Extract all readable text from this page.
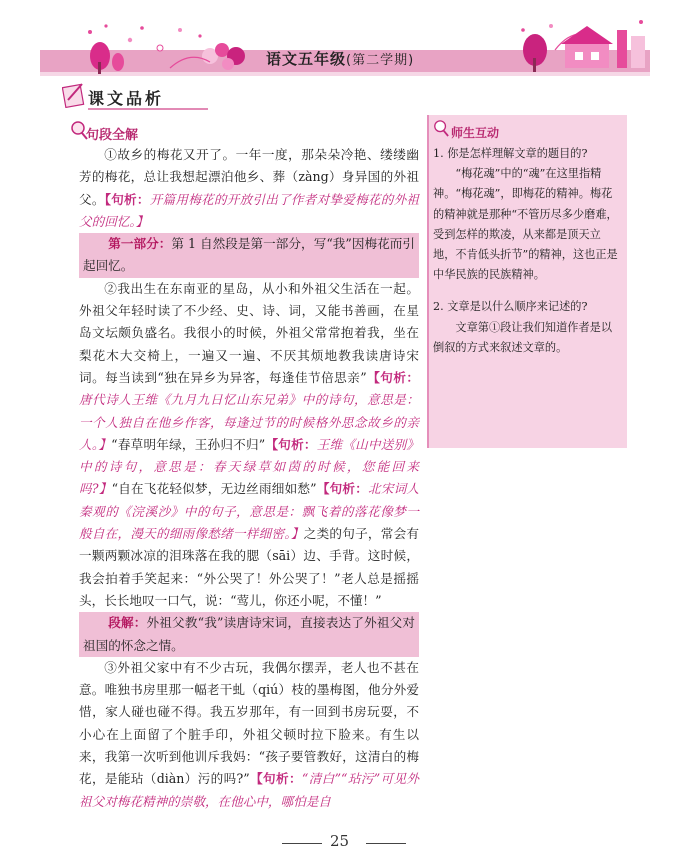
语文五年级(第二学期)
课文品析
句段全解

①故乡的梅花又开了。一年一度，那朵朵冷艳、缕缕幽芳的梅花，总让我想起漂泊他乡、葬（zàng）身异国的外祖父。【句析：开篇用梅花的开放引出了作者对挚爱梅花的外祖父的回忆。】

第一部分：第 1 自然段是第一部分，写“我”因梅花而引起回忆。

②我出生在东南亚的星岛，从小和外祖父生活在一起。外祖父年轻时读了不少经、史、诗、词，又能书善画，在星岛文坛颇负盛名。我很小的时候，外祖父常常抱着我，坐在梨花木大交椅上，一遍又一遍、不厌其烦地教我读唐诗宋词。每当读到“独在异乡为异客，每逢佳节倍思亲”【句析：唐代诗人王维《九月九日忆山东兄弟》中的诗句，意思是：一个人独自在他乡作客，每逢过节的时候格外思念故乡的亲人。】“春草明年绿，王孙归不归”【句析：王维《山中送别》中的诗句，意思是：春天绿草如茵的时候，您能回来吗?】“自在飞花轻似梦，无边丝雨细如愁”【句析：北宋词人秦观的《浣溪沙》中的句子，意思是：飘飞着的落花像梦一般自在，漫天的细雨像愁绪一样细密。】之类的句子，常会有一颗两颗冰凉的泪珠落在我的腮（sāi）边、手背。这时候，我会拍着手笑起来：“外公哭了！外公哭了！”老人总是摇摇头，长长地叹一口气，说：“莺儿，你还小呢，不懂！”

段解：外祖父教“我”读唐诗宋词，直接表达了外祖父对祖国的怀念之情。

③外祖父家中有不少古玩，我偶尔摆弄，老人也不甚在意。唯独书房里那一幅老干虬（qiú）枝的墨梅图，他分外爱惜，家人碰也碰不得。我五岁那年，有一回到书房玩耍，不小心在上面留了个脏手印，外祖父顿时拉下脸来。有生以来，我第一次听到他训斥我妈：“孩子要管教好，这清白的梅花，是能玷（diàn）污的吗?”【句析：“清白”“玷污”可见外祖父对梅花精神的崇敬，在他心中，哪怕是自

师生互动

1. 你是怎样理解文章的题目的?

“梅花魂”中的“魂”在这里指精神。“梅花魂”，即梅花的精神。梅花的精神就是那种“不管历尽多少磨难，受到怎样的欺凌，从来都是顶天立地，不肯低头折节”的精神，这也正是中华民族的民族精神。

2. 文章是以什么顺序来记述的?

文章第①段让我们知道作者是以倒叙的方式来叙述文章的。

25
